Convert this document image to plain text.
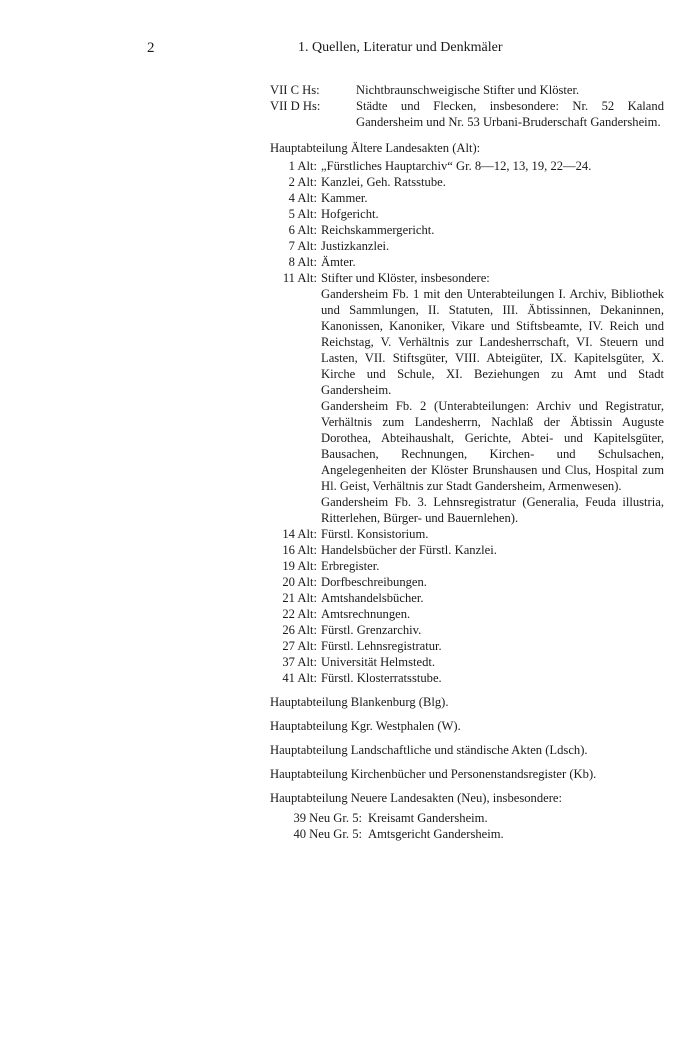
2	1. Quellen, Literatur und Denkmäler
VII C Hs:	Nichtbraunschweigische Stifter und Klöster.
VII D Hs:	Städte und Flecken, insbesondere: Nr. 52 Kaland Gandersheim und Nr. 53 Urbani-Bruderschaft Gandersheim.
Hauptabteilung Ältere Landesakten (Alt):
1 Alt: „Fürstliches Hauptarchiv“ Gr. 8—12, 13, 19, 22—24.
2 Alt: Kanzlei, Geh. Ratsstube.
4 Alt: Kammer.
5 Alt: Hofgericht.
6 Alt: Reichskammergericht.
7 Alt: Justizkanzlei.
8 Alt: Ämter.
11 Alt: Stifter und Klöster, insbesondere:
Gandersheim Fb. 1 mit den Unterabteilungen I. Archiv, Bibliothek und Sammlungen, II. Statuten, III. Äbtissinnen, Dekaninnen, Kanonissen, Kanoniker, Vikare und Stiftsbeamte, IV. Reich und Reichstag, V. Verhältnis zur Landesherrschaft, VI. Steuern und Lasten, VII. Stiftsgüter, VIII. Abteigüter, IX. Kapitelsgüter, X. Kirche und Schule, XI. Beziehungen zu Amt und Stadt Gandersheim.
Gandersheim Fb. 2 (Unterabteilungen: Archiv und Registratur, Verhältnis zum Landesherrn, Nachlaß der Äbtissin Auguste Dorothea, Abteihaushalt, Gerichte, Abtei- und Kapitelsgüter, Bausachen, Rechnungen, Kirchen- und Schulsachen, Angelegenheiten der Klöster Brunshausen und Clus, Hospital zum Hl. Geist, Verhältnis zur Stadt Gandersheim, Armenwesen).
Gandersheim Fb. 3. Lehnsregistratur (Generalia, Feuda illustria, Ritterlehen, Bürger- und Bauernlehen).
14 Alt: Fürstl. Konsistorium.
16 Alt: Handelsbücher der Fürstl. Kanzlei.
19 Alt: Erbregister.
20 Alt: Dorfbeschreibungen.
21 Alt: Amtshandelsbücher.
22 Alt: Amtsrechnungen.
26 Alt: Fürstl. Grenzarchiv.
27 Alt: Fürstl. Lehnsregistratur.
37 Alt: Universität Helmstedt.
41 Alt: Fürstl. Klosterratsstube.
Hauptabteilung Blankenburg (Blg).
Hauptabteilung Kgr. Westphalen (W).
Hauptabteilung Landschaftliche und ständische Akten (Ldsch).
Hauptabteilung Kirchenbücher und Personenstandsregister (Kb).
Hauptabteilung Neuere Landesakten (Neu), insbesondere:
39 Neu Gr. 5: Kreisamt Gandersheim.
40 Neu Gr. 5: Amtsgericht Gandersheim.
